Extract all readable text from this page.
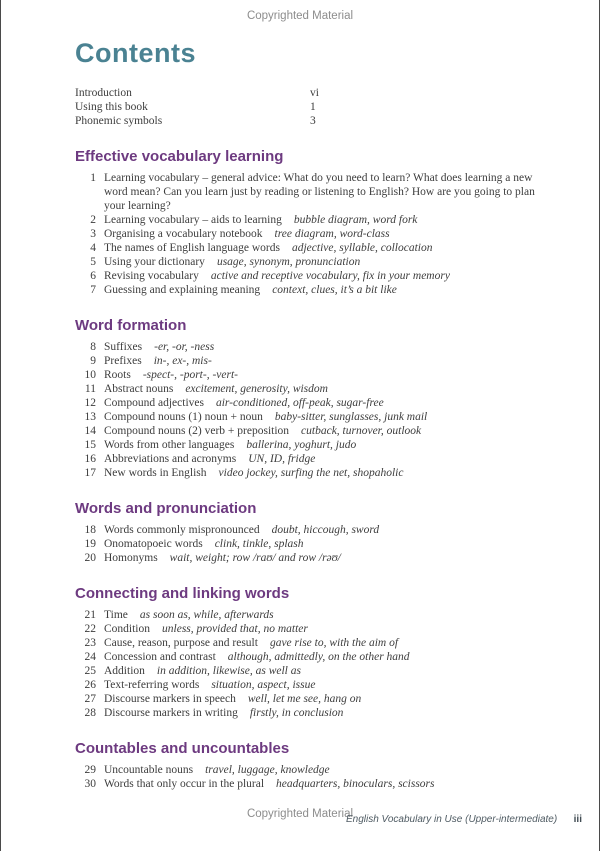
Copyrighted Material
Contents
Introduction	vi
Using this book	1
Phonemic symbols	3
Effective vocabulary learning
1 Learning vocabulary – general advice: What do you need to learn? What does learning a new word mean? Can you learn just by reading or listening to English? How are you going to plan your learning?
2 Learning vocabulary – aids to learning bubble diagram, word fork
3 Organising a vocabulary notebook tree diagram, word-class
4 The names of English language words adjective, syllable, collocation
5 Using your dictionary usage, synonym, pronunciation
6 Revising vocabulary active and receptive vocabulary, fix in your memory
7 Guessing and explaining meaning context, clues, it’s a bit like
Word formation
8 Suffixes -er, -or, -ness
9 Prefixes in-, ex-, mis-
10 Roots -spect-, -port-, -vert-
11 Abstract nouns excitement, generosity, wisdom
12 Compound adjectives air-conditioned, off-peak, sugar-free
13 Compound nouns (1) noun + noun baby-sitter, sunglasses, junk mail
14 Compound nouns (2) verb + preposition cutback, turnover, outlook
15 Words from other languages ballerina, yoghurt, judo
16 Abbreviations and acronyms UN, ID, fridge
17 New words in English video jockey, surfing the net, shopaholic
Words and pronunciation
18 Words commonly mispronounced doubt, hiccough, sword
19 Onomatopoeic words clink, tinkle, splash
20 Homonyms wait, weight; row /raʊ/ and row /rəʊ/
Connecting and linking words
21 Time as soon as, while, afterwards
22 Condition unless, provided that, no matter
23 Cause, reason, purpose and result gave rise to, with the aim of
24 Concession and contrast although, admittedly, on the other hand
25 Addition in addition, likewise, as well as
26 Text-referring words situation, aspect, issue
27 Discourse markers in speech well, let me see, hang on
28 Discourse markers in writing firstly, in conclusion
Countables and uncountables
29 Uncountable nouns travel, luggage, knowledge
30 Words that only occur in the plural headquarters, binoculars, scissors
Copyrighted Material
English Vocabulary in Use (Upper-intermediate) iii
